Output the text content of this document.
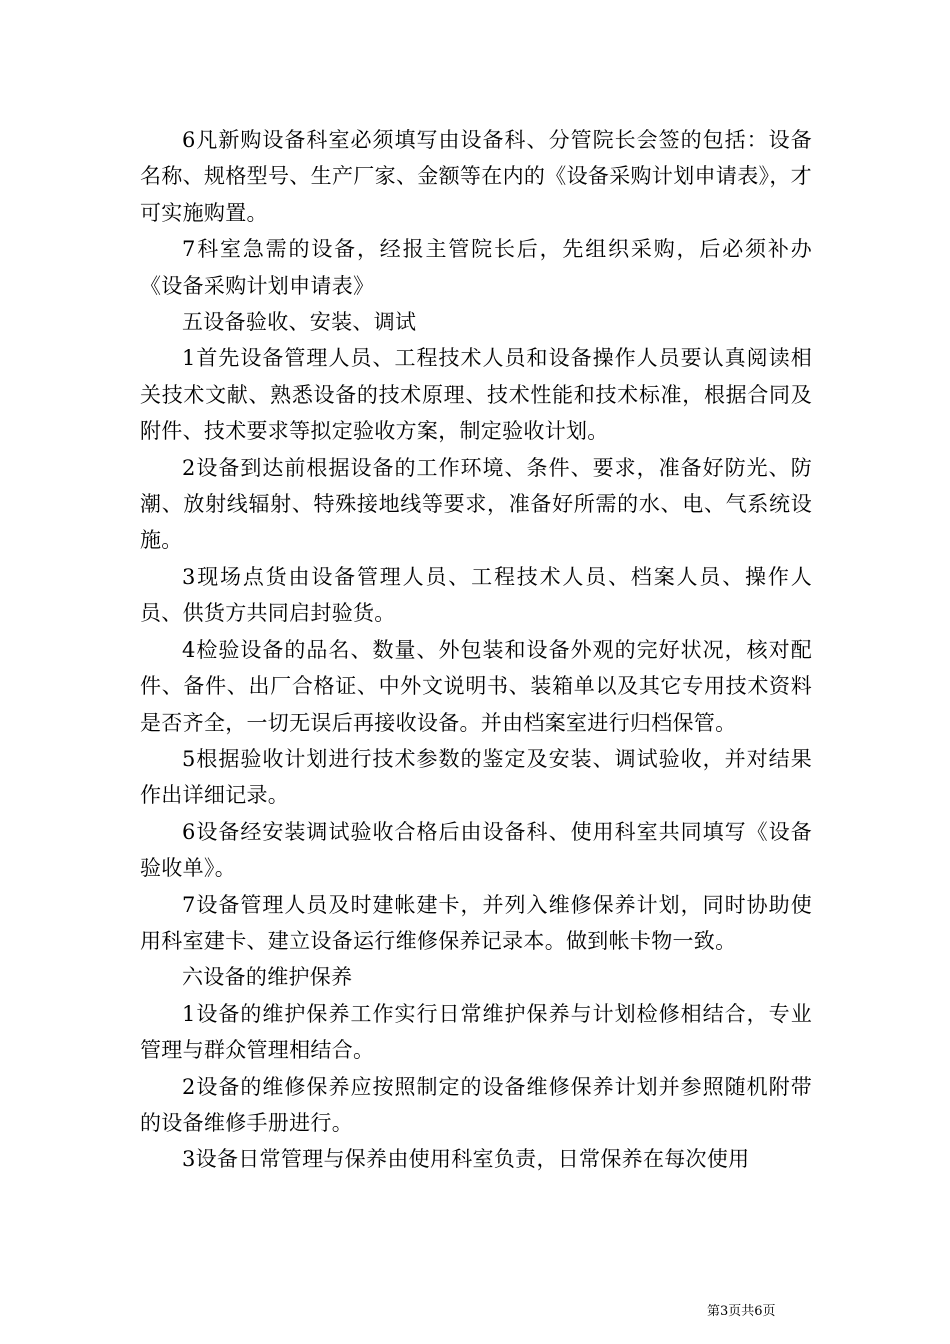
6凡新购设备科室必须填写由设备科、分管院长会签的包括：设备名称、规格型号、生产厂家、金额等在内的《设备采购计划申请表》，才可实施购置。

7科室急需的设备，经报主管院长后，先组织采购，后必须补办《设备采购计划申请表》

五设备验收、安装、调试

1首先设备管理人员、工程技术人员和设备操作人员要认真阅读相关技术文献、熟悉设备的技术原理、技术性能和技术标准，根据合同及附件、技术要求等拟定验收方案，制定验收计划。

2设备到达前根据设备的工作环境、条件、要求，准备好防光、防潮、放射线辐射、特殊接地线等要求，准备好所需的水、电、气系统设施。

3现场点货由设备管理人员、工程技术人员、档案人员、操作人员、供货方共同启封验货。

4检验设备的品名、数量、外包装和设备外观的完好状况，核对配件、备件、出厂合格证、中外文说明书、装箱单以及其它专用技术资料是否齐全，一切无误后再接收设备。并由档案室进行归档保管。

5根据验收计划进行技术参数的鉴定及安装、调试验收，并对结果作出详细记录。

6设备经安装调试验收合格后由设备科、使用科室共同填写《设备验收单》。

7设备管理人员及时建帐建卡，并列入维修保养计划，同时协助使用科室建卡、建立设备运行维修保养记录本。做到帐卡物一致。

六设备的维护保养

1设备的维护保养工作实行日常维护保养与计划检修相结合，专业管理与群众管理相结合。

2设备的维修保养应按照制定的设备维修保养计划并参照随机附带的设备维修手册进行。

3设备日常管理与保养由使用科室负责，日常保养在每次使用

第3页共6页
